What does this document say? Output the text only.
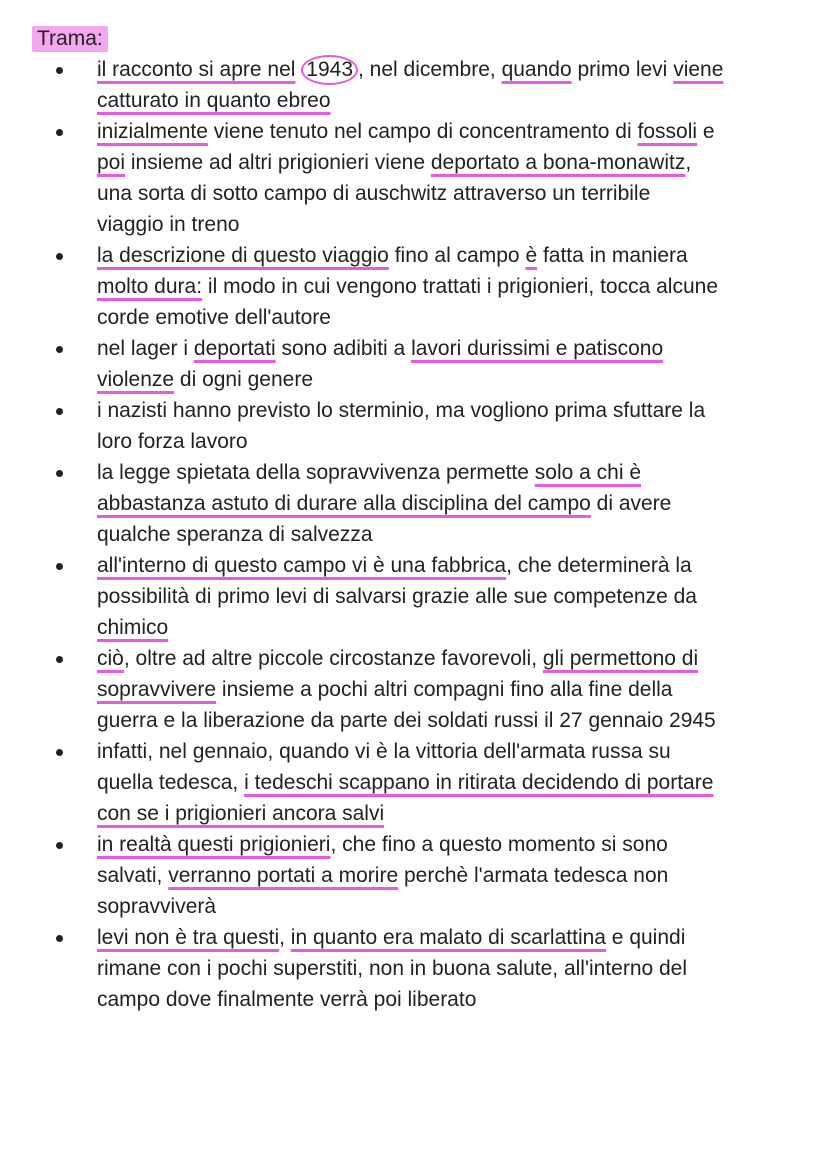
Trama:
il racconto si apre nel 1943 , nel dicembre, quando primo levi viene
catturato in quanto ebreo
inizialmente viene tenuto nel campo di concentramento di fossoli e
poi insieme ad altri prigionieri viene deportato a bona-monawitz,
una sorta di sotto campo di auschwitz attraverso un terribile
viaggio in treno
la descrizione di questo viaggio fino al campo è fatta in maniera
molto dura: il modo in cui vengono trattati i prigionieri, tocca alcune
corde emotive dell'autore
nel lager i deportati sono adibiti a lavori durissimi e patiscono
violenze di ogni genere
i nazisti hanno previsto lo sterminio, ma vogliono prima sfuttare la
loro forza lavoro
la legge spietata della sopravvivenza permette solo a chi è
abbastanza astuto di durare alla disciplina del campo di avere
qualche speranza di salvezza
all'interno di questo campo vi è una fabbrica, che determinerà la
possibilità di primo levi di salvarsi grazie alle sue competenze da
chimico
ciò, oltre ad altre piccole circostanze favorevoli, gli permettono di
sopravvivere insieme a pochi altri compagni fino alla fine della
guerra e la liberazione da parte dei soldati russi il 27 gennaio 2945
infatti, nel gennaio, quando vi è la vittoria dell'armata russa su
quella tedesca, i tedeschi scappano in ritirata decidendo di portare
con se i prigionieri ancora salvi
in realtà questi prigionieri, che fino a questo momento si sono
salvati, verranno portati a morire perchè l'armata tedesca non
sopravviverà
levi non è tra questi, in quanto era malato di scarlattina e quindi
rimane con i pochi superstiti, non in buona salute, all'interno del
campo dove finalmente verrà poi liberato
